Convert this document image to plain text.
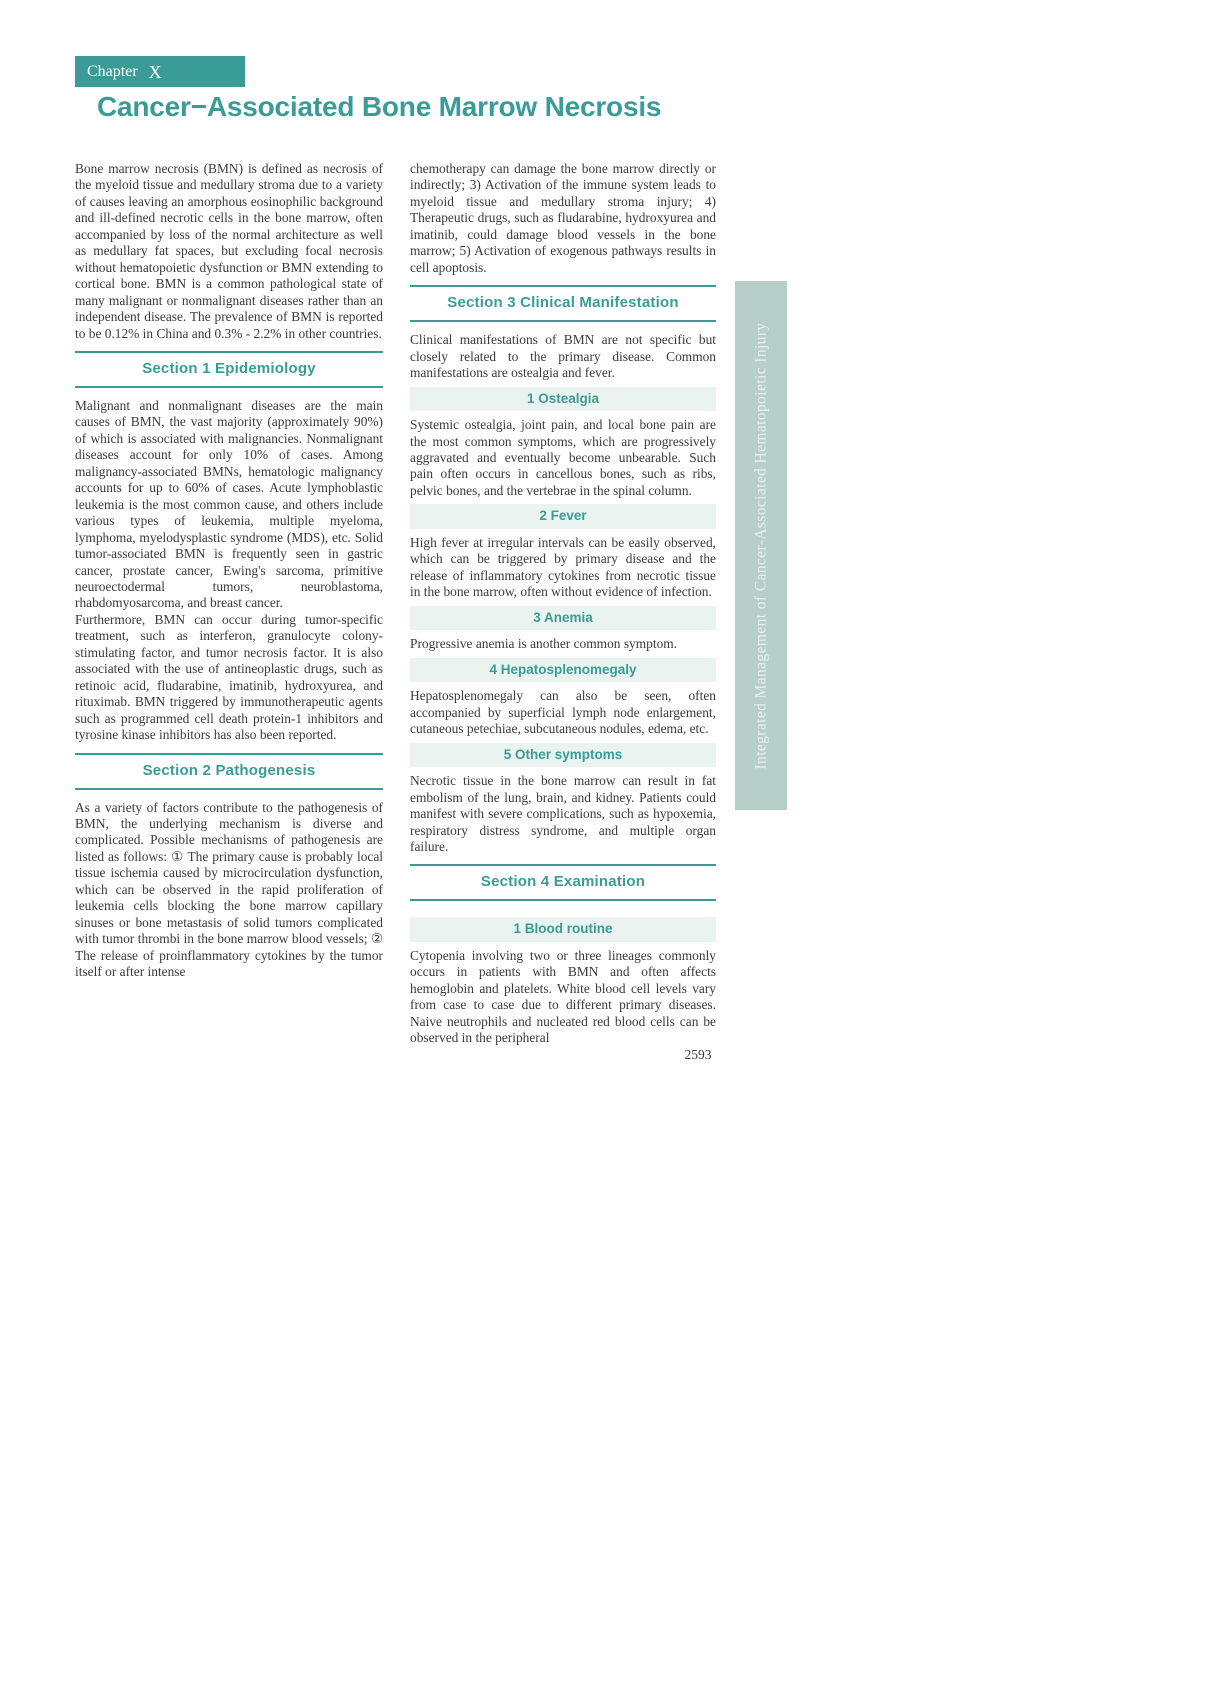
Chapter X
Cancer−Associated Bone Marrow Necrosis

Bone marrow necrosis (BMN) is defined as necrosis of the myeloid tissue and medullary stroma due to a variety of causes leaving an amorphous eosinophilic background and ill-defined necrotic cells in the bone marrow, often accompanied by loss of the normal architecture as well as medullary fat spaces, but excluding focal necrosis without hematopoietic dysfunction or BMN extending to cortical bone. BMN is a common pathological state of many malignant or nonmalignant diseases rather than an independent disease. The prevalence of BMN is reported to be 0.12% in China and 0.3% - 2.2% in other countries.

Section 1 Epidemiology

Malignant and nonmalignant diseases are the main causes of BMN, the vast majority (approximately 90%) of which is associated with malignancies. Nonmalignant diseases account for only 10% of cases. Among malignancy-associated BMNs, hematologic malignancy accounts for up to 60% of cases. Acute lymphoblastic leukemia is the most common cause, and others include various types of leukemia, multiple myeloma, lymphoma, myelodysplastic syndrome (MDS), etc. Solid tumor-associated BMN is frequently seen in gastric cancer, prostate cancer, Ewing's sarcoma, primitive neuroectodermal tumors, neuroblastoma, rhabdomyosarcoma, and breast cancer.

Furthermore, BMN can occur during tumor-specific treatment, such as interferon, granulocyte colony-stimulating factor, and tumor necrosis factor. It is also associated with the use of antineoplastic drugs, such as retinoic acid, fludarabine, imatinib, hydroxyurea, and rituximab. BMN triggered by immunotherapeutic agents such as programmed cell death protein-1 inhibitors and tyrosine kinase inhibitors has also been reported.

Section 2 Pathogenesis

As a variety of factors contribute to the pathogenesis of BMN, the underlying mechanism is diverse and complicated. Possible mechanisms of pathogenesis are listed as follows: ① The primary cause is probably local tissue ischemia caused by microcirculation dysfunction, which can be observed in the rapid proliferation of leukemia cells blocking the bone marrow capillary sinuses or bone metastasis of solid tumors complicated with tumor thrombi in the bone marrow blood vessels; ② The release of proinflammatory cytokines by the tumor itself or after intense

chemotherapy can damage the bone marrow directly or indirectly; 3) Activation of the immune system leads to myeloid tissue and medullary stroma injury; 4) Therapeutic drugs, such as fludarabine, hydroxyurea and imatinib, could damage blood vessels in the bone marrow; 5) Activation of exogenous pathways results in cell apoptosis.

Section 3 Clinical Manifestation

Clinical manifestations of BMN are not specific but closely related to the primary disease. Common manifestations are ostealgia and fever.

1 Ostealgia

Systemic ostealgia, joint pain, and local bone pain are the most common symptoms, which are progressively aggravated and eventually become unbearable. Such pain often occurs in cancellous bones, such as ribs, pelvic bones, and the vertebrae in the spinal column.

2 Fever

High fever at irregular intervals can be easily observed, which can be triggered by primary disease and the release of inflammatory cytokines from necrotic tissue in the bone marrow, often without evidence of infection.

3 Anemia

Progressive anemia is another common symptom.

4 Hepatosplenomegaly

Hepatosplenomegaly can also be seen, often accompanied by superficial lymph node enlargement, cutaneous petechiae, subcutaneous nodules, edema, etc.

5 Other symptoms

Necrotic tissue in the bone marrow can result in fat embolism of the lung, brain, and kidney. Patients could manifest with severe complications, such as hypoxemia, respiratory distress syndrome, and multiple organ failure.

Section 4 Examination
1 Blood routine

Cytopenia involving two or three lineages commonly occurs in patients with BMN and often affects hemoglobin and platelets. White blood cell levels vary from case to case due to different primary diseases. Naive neutrophils and nucleated red blood cells can be observed in the peripheral

Integrated Management of Cancer-Associated Hematopoietic Injury
2593
